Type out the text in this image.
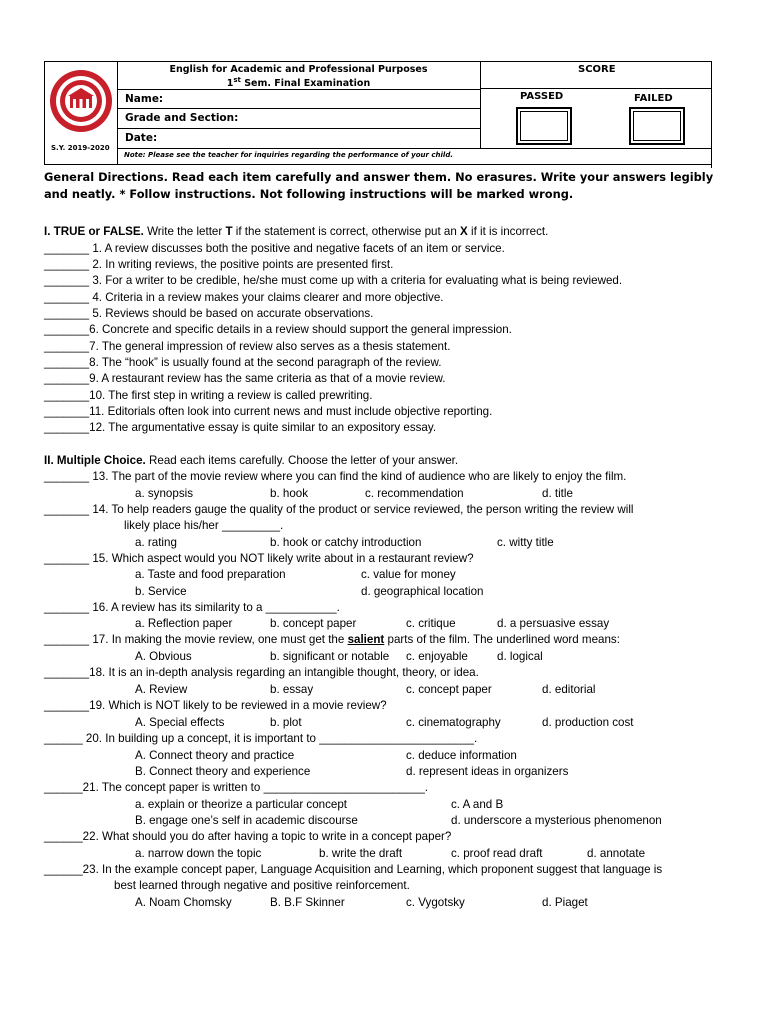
S.Y. 2019-2020
English for Academic and Professional Purposes
1st Sem. Final Examination
Name:
Grade and Section:
Date:
Note: Please see the teacher for inquiries regarding the performance of your child.
SCORE
PASSED	FAILED
General Directions. Read each item carefully and answer them. No erasures. Write your answers legibly and neatly. * Follow instructions. Not following instructions will be marked wrong.
I. TRUE or FALSE. Write the letter T if the statement is correct, otherwise put an X if it is incorrect.
_______ 1. A review discusses both the positive and negative facets of an item or service.
_______ 2. In writing reviews, the positive points are presented first.
_______ 3. For a writer to be credible, he/she must come up with a criteria for evaluating what is being reviewed.
_______ 4. Criteria in a review makes your claims clearer and more objective.
_______ 5. Reviews should be based on accurate observations.
_______6. Concrete and specific details in a review should support the general impression.
_______7. The general impression of review also serves as a thesis statement.
_______8. The “hook” is usually found at the second paragraph of the review.
_______9. A restaurant review has the same criteria as that of a movie review.
_______10. The first step in writing a review is called prewriting.
_______11. Editorials often look into current news and must include objective reporting.
_______12. The argumentative essay is quite similar to an expository essay.
II. Multiple Choice. Read each items carefully. Choose the letter of your answer.
_______ 13. The part of the movie review where you can find the kind of audience who are likely to enjoy the film.
a. synopsis	b. hook	c. recommendation	d. title
_______ 14. To help readers gauge the quality of the product or service reviewed, the person writing the review will
likely place his/her _________.
a. rating	b. hook or catchy introduction	c. witty title
_______ 15. Which aspect would you NOT likely write about in a restaurant review?
a. Taste and food preparation	c. value for money
b. Service	d. geographical location
_______ 16. A review has its similarity to a ___________.
a. Reflection paper	b. concept paper	c. critique	d. a persuasive essay
_______ 17. In making the movie review, one must get the salient parts of the film. The underlined word means:
A. Obvious	b. significant or notable c. enjoyable	d. logical
_______18. It is an in-depth analysis regarding an intangible thought, theory, or idea.
A. Review	b. essay	c. concept paper	d. editorial
_______19. Which is NOT likely to be reviewed in a movie review?
A. Special effects	b. plot	c. cinematography	d. production cost
______ 20. In building up a concept, it is important to ________________________.
A. Connect theory and practice	c. deduce information
B. Connect theory and experience	d. represent ideas in organizers
______21. The concept paper is written to _________________________.
a. explain or theorize a particular concept	c. A and B
B. engage one’s self in academic discourse	d. underscore a mysterious phenomenon
______22. What should you do after having a topic to write in a concept paper?
a. narrow down the topic	b. write the draft	c. proof read draft	d. annotate
______23. In the example concept paper, Language Acquisition and Learning, which proponent suggest that language is
best learned through negative and positive reinforcement.
A. Noam Chomsky	B. B.F Skinner	c. Vygotsky	d. Piaget
